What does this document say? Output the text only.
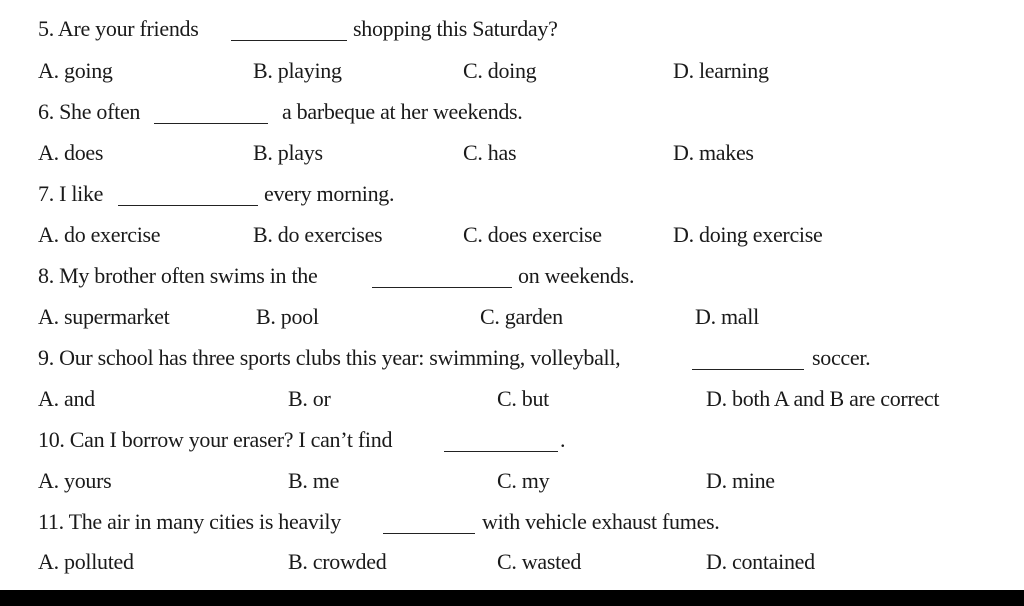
5. Are your friends	shopping this Saturday?
A. going	B. playing	C. doing	D. learning
6. She often	a barbeque at her weekends.
A. does	B. plays	C. has	D. makes
7. I like	every morning.
A. do exercise	B. do exercises	C. does exercise	D. doing exercise
8. My brother often swims in the	on weekends.
A. supermarket	B. pool	C. garden	D. mall
9. Our school has three sports clubs this year: swimming, volleyball,	soccer.
A. and	B. or	C. but	D. both A and B are correct
10. Can I borrow your eraser? I can’t find	.
A. yours	B. me	C. my	D. mine
11. The air in many cities is heavily	with vehicle exhaust fumes.
A. polluted	B. crowded	C. wasted	D. contained
